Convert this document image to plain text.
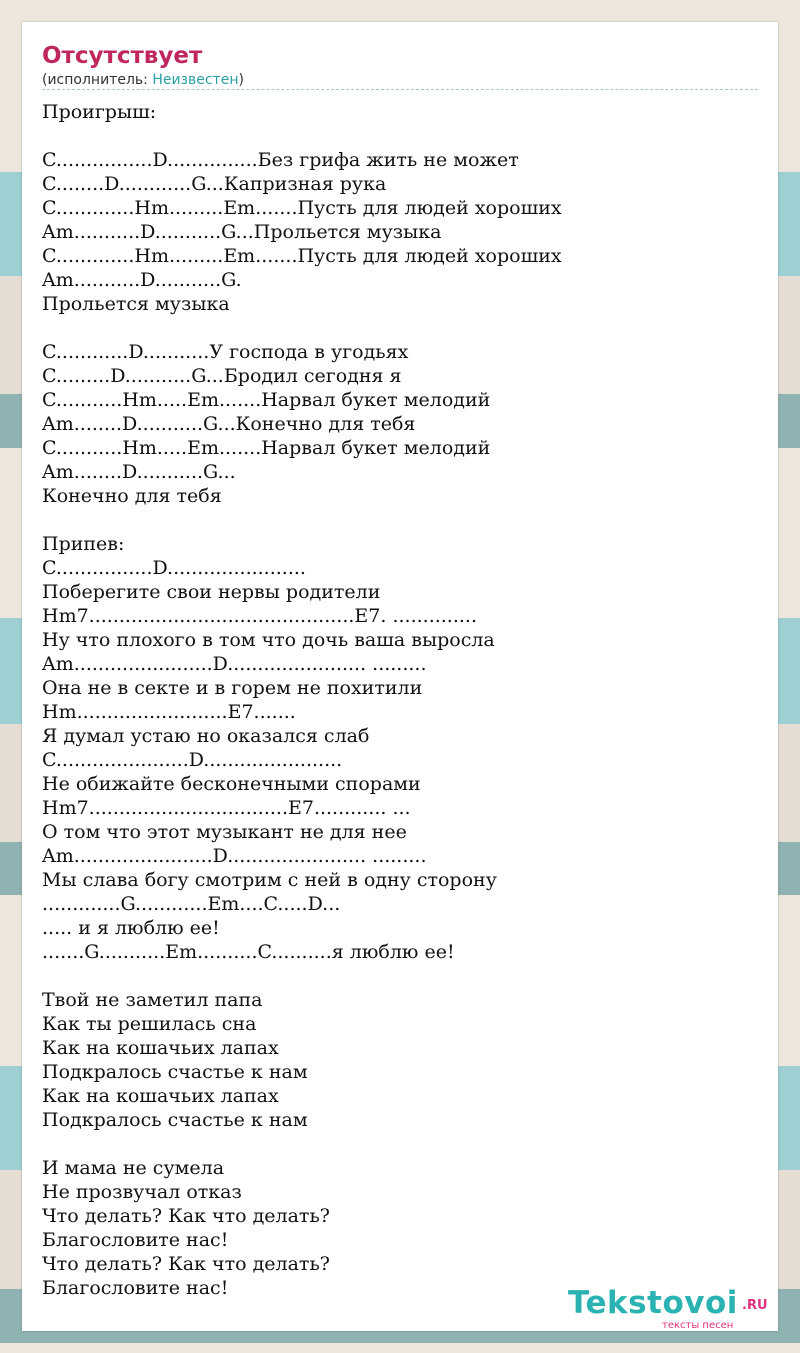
Отсутствует
(исполнитель: Неизвестен)
Проигрыш:

C................D...............Без грифа жить не может
C........D............G...Капризная рука
C.............Hm.........Em.......Пусть для людей хороших
Am...........D...........G...Прольется музыка
C.............Hm.........Em.......Пусть для людей хороших
Am...........D...........G.
Прольется музыка

C............D...........У господа в угодьях
C.........D...........G...Бродил сегодня я
C...........Hm.....Em.......Нарвал букет мелодий
Am........D...........G...Конечно для тебя
C...........Hm.....Em.......Нарвал букет мелодий
Am........D...........G...
Конечно для тебя

Припев:
C................D.......................
Поберегите свои нервы родители
Hm7............................................E7. ..............
Ну что плохого в том что дочь ваша выросла
Am.......................D....................... .........
Она не в секте и в горем не похитили
Hm.........................E7.......
Я думал устаю но оказался слаб
C......................D.......................
Не обижайте бесконечными спорами
Hm7.................................E7............ ...
О том что этот музыкант не для нее
Am.......................D....................... .........
Мы слава богу смотрим с ней в одну сторону
.............G............Em....C.....D...
..... и я люблю ее!
.......G...........Em..........C..........я люблю ее!

Твой не заметил папа
Как ты решилась сна
Как на кошачьих лапах
Подкралось счастье к нам
Как на кошачьих лапах
Подкралось счастье к нам

И мама не сумела
Не прозвучал отказ
Что делать? Как что делать?
Благословите нас!
Что делать? Как что делать?
Благословите нас!	Tekstovoi .RU
тексты песен
